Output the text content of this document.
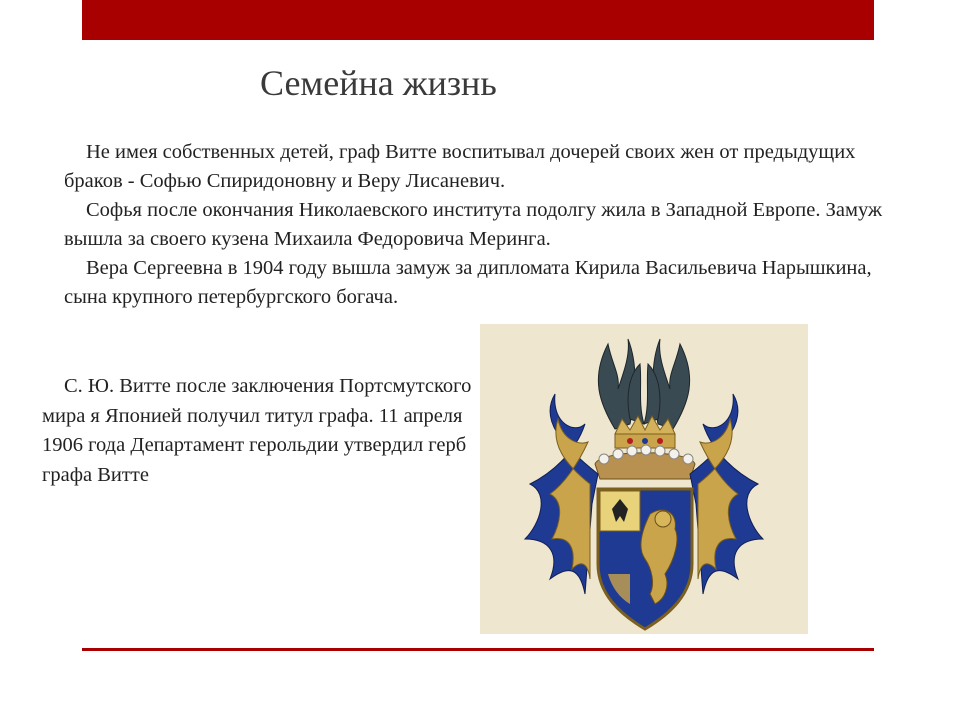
Семейна жизнь

Не имея собственных детей, граф Витте воспитывал дочерей своих жен от предыдущих браков - Софью Спиридоновну и Веру Лисаневич.

Софья после окончания Николаевского института подолгу жила в Западной Европе. Замуж вышла за своего кузена Михаила Федоровича Меринга.

Вера Сергеевна в 1904 году вышла замуж за дипломата Кирила Васильевича Нарышкина, сына крупного петербургского богача.

С. Ю. Витте после заключения Портсмутского мира я Японией получил титул графа. 11 апреля 1906 года Департамент герольдии утвердил герб графа Витте
